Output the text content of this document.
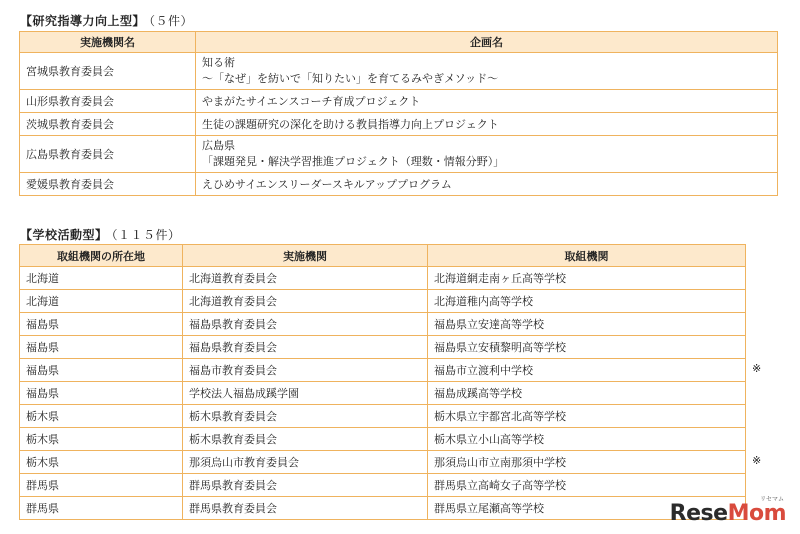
【研究指導力向上型】 （５件）
実施機関名	企画名
宮城県教育委員会	知る術
～「なぜ」を紡いで「知りたい」を育てるみやぎメソッド～

山形県教育委員会	やまがたサイエンスコーチ育成プロジェクト
茨城県教育委員会	生徒の課題研究の深化を助ける教員指導力向上プロジェクト
広島県教育委員会	広島県
「課題発見・解決学習推進プロジェクト（理数・情報分野）」

愛媛県教育委員会	えひめサイエンスリーダースキルアッププログラム
【学校活動型】 （１１５件）
取組機関の所在地	実施機関	取組機関
北海道	北海道教育委員会	北海道網走南ヶ丘高等学校
北海道	北海道教育委員会	北海道稚内高等学校
福島県	福島県教育委員会	福島県立安達高等学校
福島県	福島県教育委員会	福島県立安積黎明高等学校
福島県	福島市教育委員会	福島市立渡利中学校
福島県	学校法人福島成蹊学園	福島成蹊高等学校
栃木県	栃木県教育委員会	栃木県立宇都宮北高等学校
栃木県	栃木県教育委員会	栃木県立小山高等学校
栃木県	那須烏山市教育委員会	那須烏山市立南那須中学校
群馬県	群馬県教育委員会	群馬県立高崎女子高等学校
群馬県	群馬県教育委員会	群馬県立尾瀬高等学校
※
※
リセマム
ReseMom
